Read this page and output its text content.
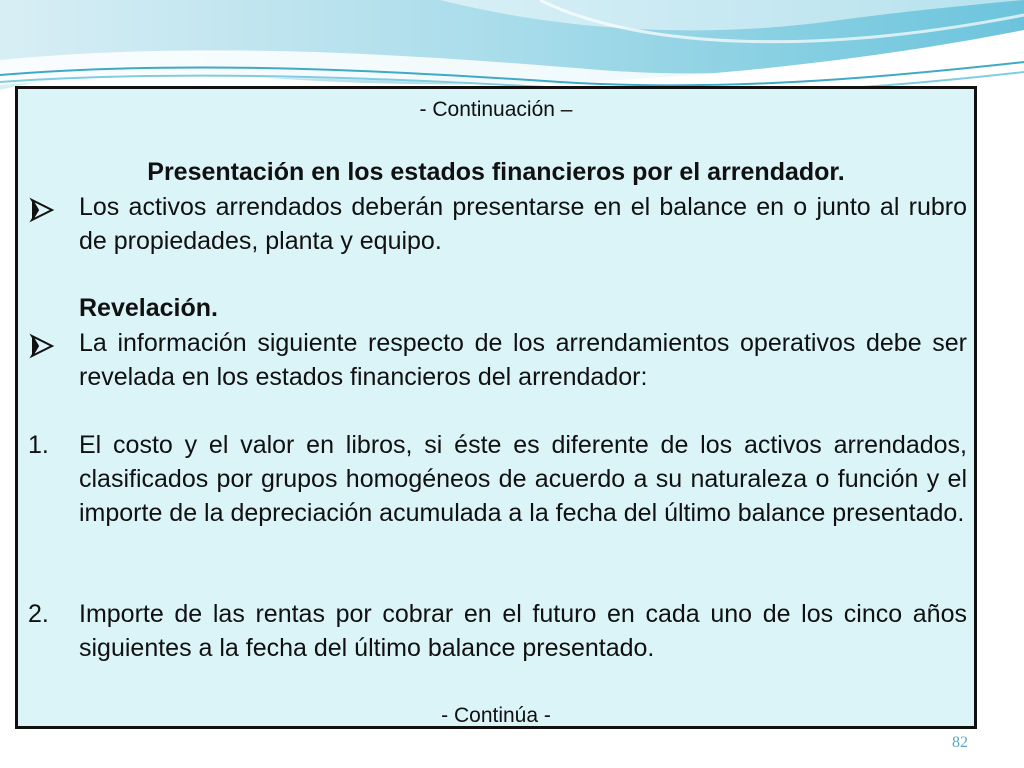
- Continuación –
Presentación en los estados financieros por el arrendador.
Los activos arrendados deberán presentarse en el balance en o junto al rubro de propiedades, planta y equipo.
Revelación.
La información siguiente respecto de los arrendamientos operativos debe ser revelada en los estados financieros del arrendador:
1. El costo y el valor en libros, si éste es diferente de los activos arrendados, clasificados por grupos homogéneos de acuerdo a su naturaleza o función y el importe de la depreciación acumulada a la fecha del último balance presentado.
2. Importe de las rentas por cobrar en el futuro en cada uno de los cinco años siguientes a la fecha del último balance presentado.
- Continúa -
82
